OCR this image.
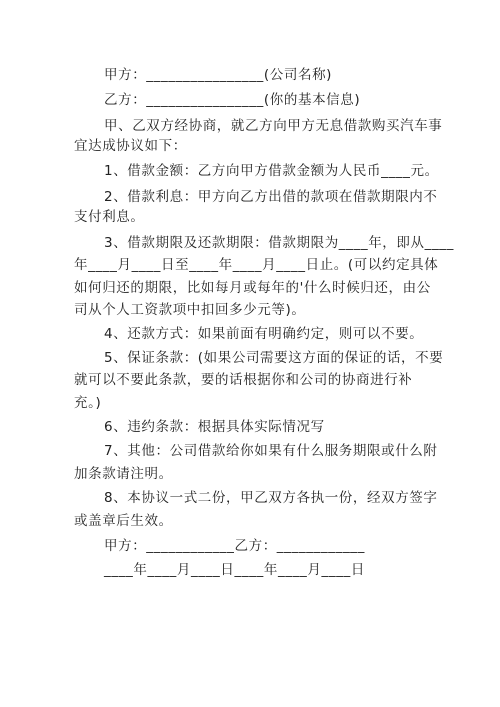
甲方：________________(公司名称)
乙方：________________(你的基本信息)
甲、乙双方经协商，就乙方向甲方无息借款购买汽车事
宜达成协议如下：
1、借款金额：乙方向甲方借款金额为人民币____元。
2、借款利息：甲方向乙方出借的款项在借款期限内不
支付利息。
3、借款期限及还款期限：借款期限为____年，即从____
年____月____日至____年____月____日止。(可以约定具体
如何归还的期限，比如每月或每年的'什么时候归还，由公
司从个人工资款项中扣回多少元等)。
4、还款方式：如果前面有明确约定，则可以不要。
5、保证条款：(如果公司需要这方面的保证的话，不要
就可以不要此条款，要的话根据你和公司的协商进行补
充。)
6、违约条款：根据具体实际情况写
7、其他：公司借款给你如果有什么服务期限或什么附
加条款请注明。
8、本协议一式二份，甲乙双方各执一份，经双方签字
或盖章后生效。
甲方：____________乙方：____________
____年____月____日____年____月____日
